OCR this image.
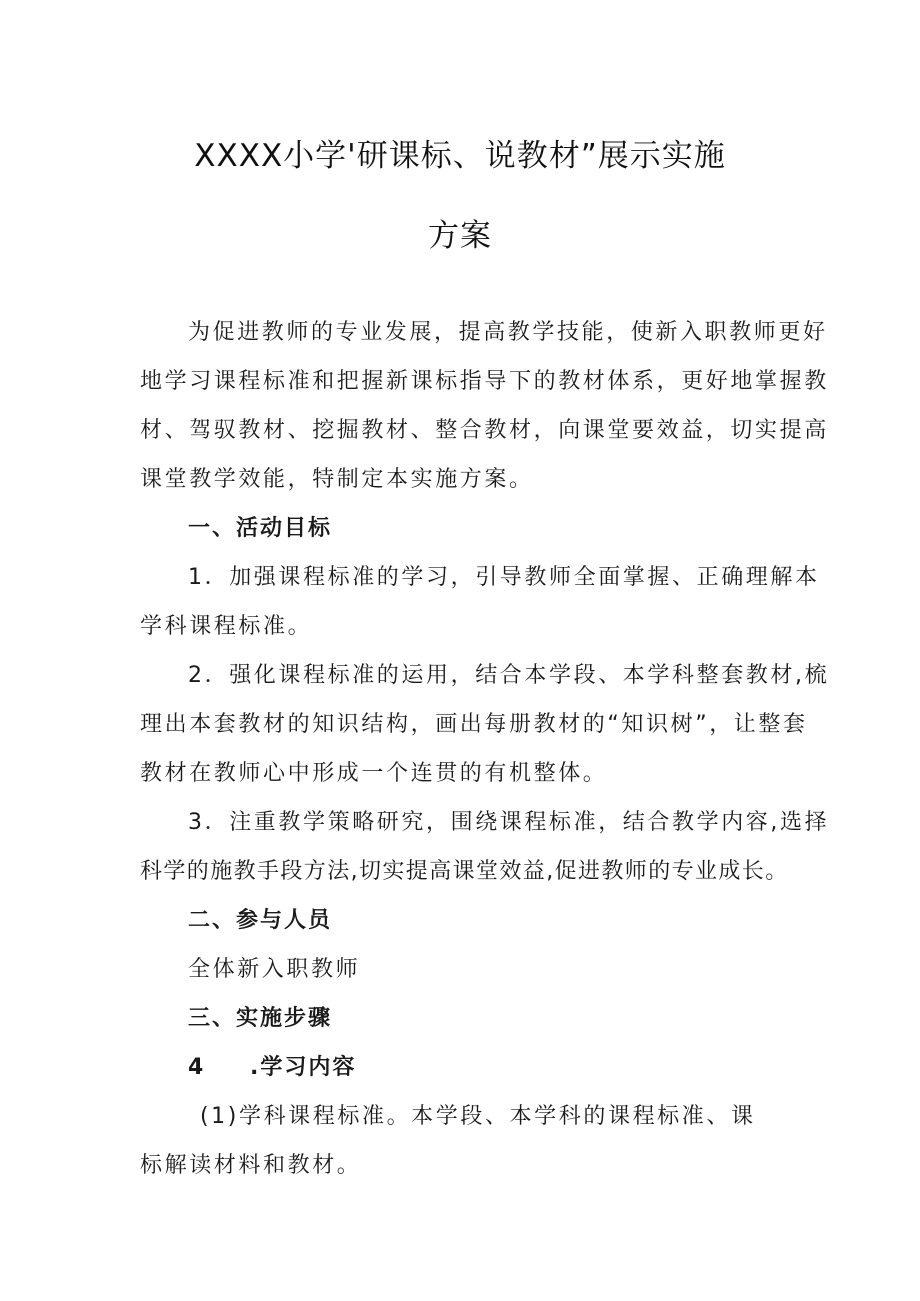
XXXX小学'研课标、说教材”展示实施
方案
为促进教师的专业发展，提高教学技能，使新入职教师更好
地学习课程标准和把握新课标指导下的教材体系，更好地掌握教
材、驾驭教材、挖掘教材、整合教材，向课堂要效益，切实提高
课堂教学效能，特制定本实施方案。
一、活动目标
1．加强课程标准的学习，引导教师全面掌握、正确理解本
学科课程标准。
2．强化课程标准的运用，结合本学段、本学科整套教材,梳
理出本套教材的知识结构，画出每册教材的“知识树”，让整套
教材在教师心中形成一个连贯的有机整体。
3．注重教学策略研究，围绕课程标准，结合教学内容,选择
科学的施教手段方法,切实提高课堂效益,促进教师的专业成长。
二、参与人员
全体新入职教师
三、实施步骤
4 .学习内容
(1)学科课程标准。本学段、本学科的课程标准、课
标解读材料和教材。
